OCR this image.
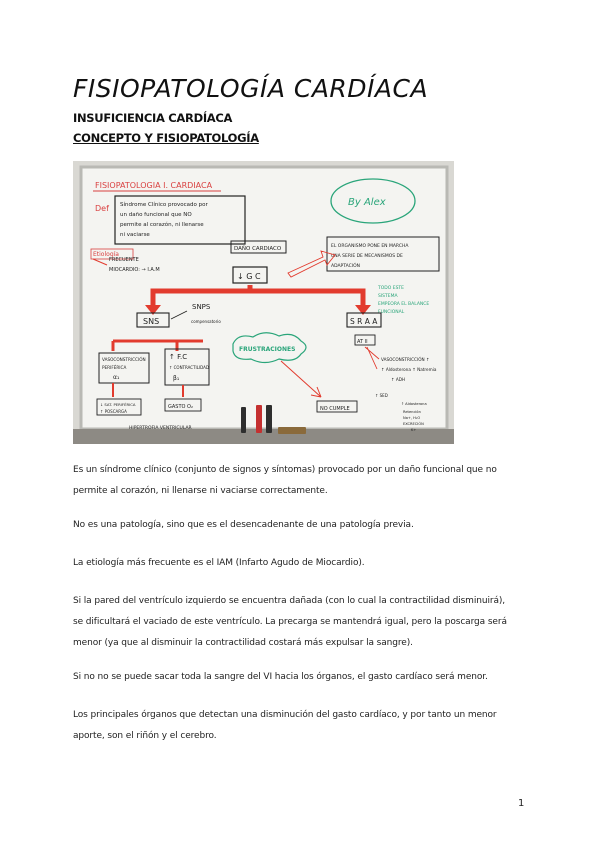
FISIOPATOLOGÍA CARDÍACA
INSUFICIENCIA CARDÍACA
CONCEPTO Y FISIOPATOLOGÍA
FISIOPATOLOGIA I. CARDIACA
Def Síndrome Clínico provocado por
un daño funcional que NO
permite al corazón, ni llenarse
ni vaciarse
By Alex
Etiología
FRECUENTE
MIOCARDIO: → I.A.M
DAÑO CARDIACO
↓ G C
EL ORGANISMO PONE EN MARCHA
UNA SERIE DE MECANISMOS DE
ADAPTACIÓN
TODO ESTE
SISTEMA
EMPEORA EL BALANCE
FUNCIONAL
SNS
SNPS
compensatorio	S R A A
AT II
VASOCONSTRICCIÓN
PERIFÉRICA
α₁
↑ F.C
↑ CONTRACTILIDAD
β₁
FRUSTRACIONES
↓ SAT. PERIFÉRICA
↑ POSCARGA
GASTO O₂
HIPERTROFIA VENTRICULAR
NO CUMPLE
VASOCONSTRICCIÓN ↑
↑ Aldosterona ↑ Natremia
↑ ADH
↑ SED
↑ Aldosterona
Retención
Na+, H₂O
EXCRECIÓN
K+
Es un síndrome clínico (conjunto de signos y síntomas) provocado por un daño funcional que no
permite al corazón, ni llenarse ni vaciarse correctamente.
No es una patología, sino que es el desencadenante de una patología previa.
La etiología más frecuente es el IAM (Infarto Agudo de Miocardio).
Si la pared del ventrículo izquierdo se encuentra dañada (con lo cual la contractilidad disminuirá),
se dificultará el vaciado de este ventrículo. La precarga se mantendrá igual, pero la poscarga será
menor (ya que al disminuir la contractilidad costará más expulsar la sangre).
Si no no se puede sacar toda la sangre del VI hacia los órganos, el gasto cardíaco será menor.
Los principales órganos que detectan una disminución del gasto cardíaco, y por tanto un menor
aporte, son el riñón y el cerebro.
1
